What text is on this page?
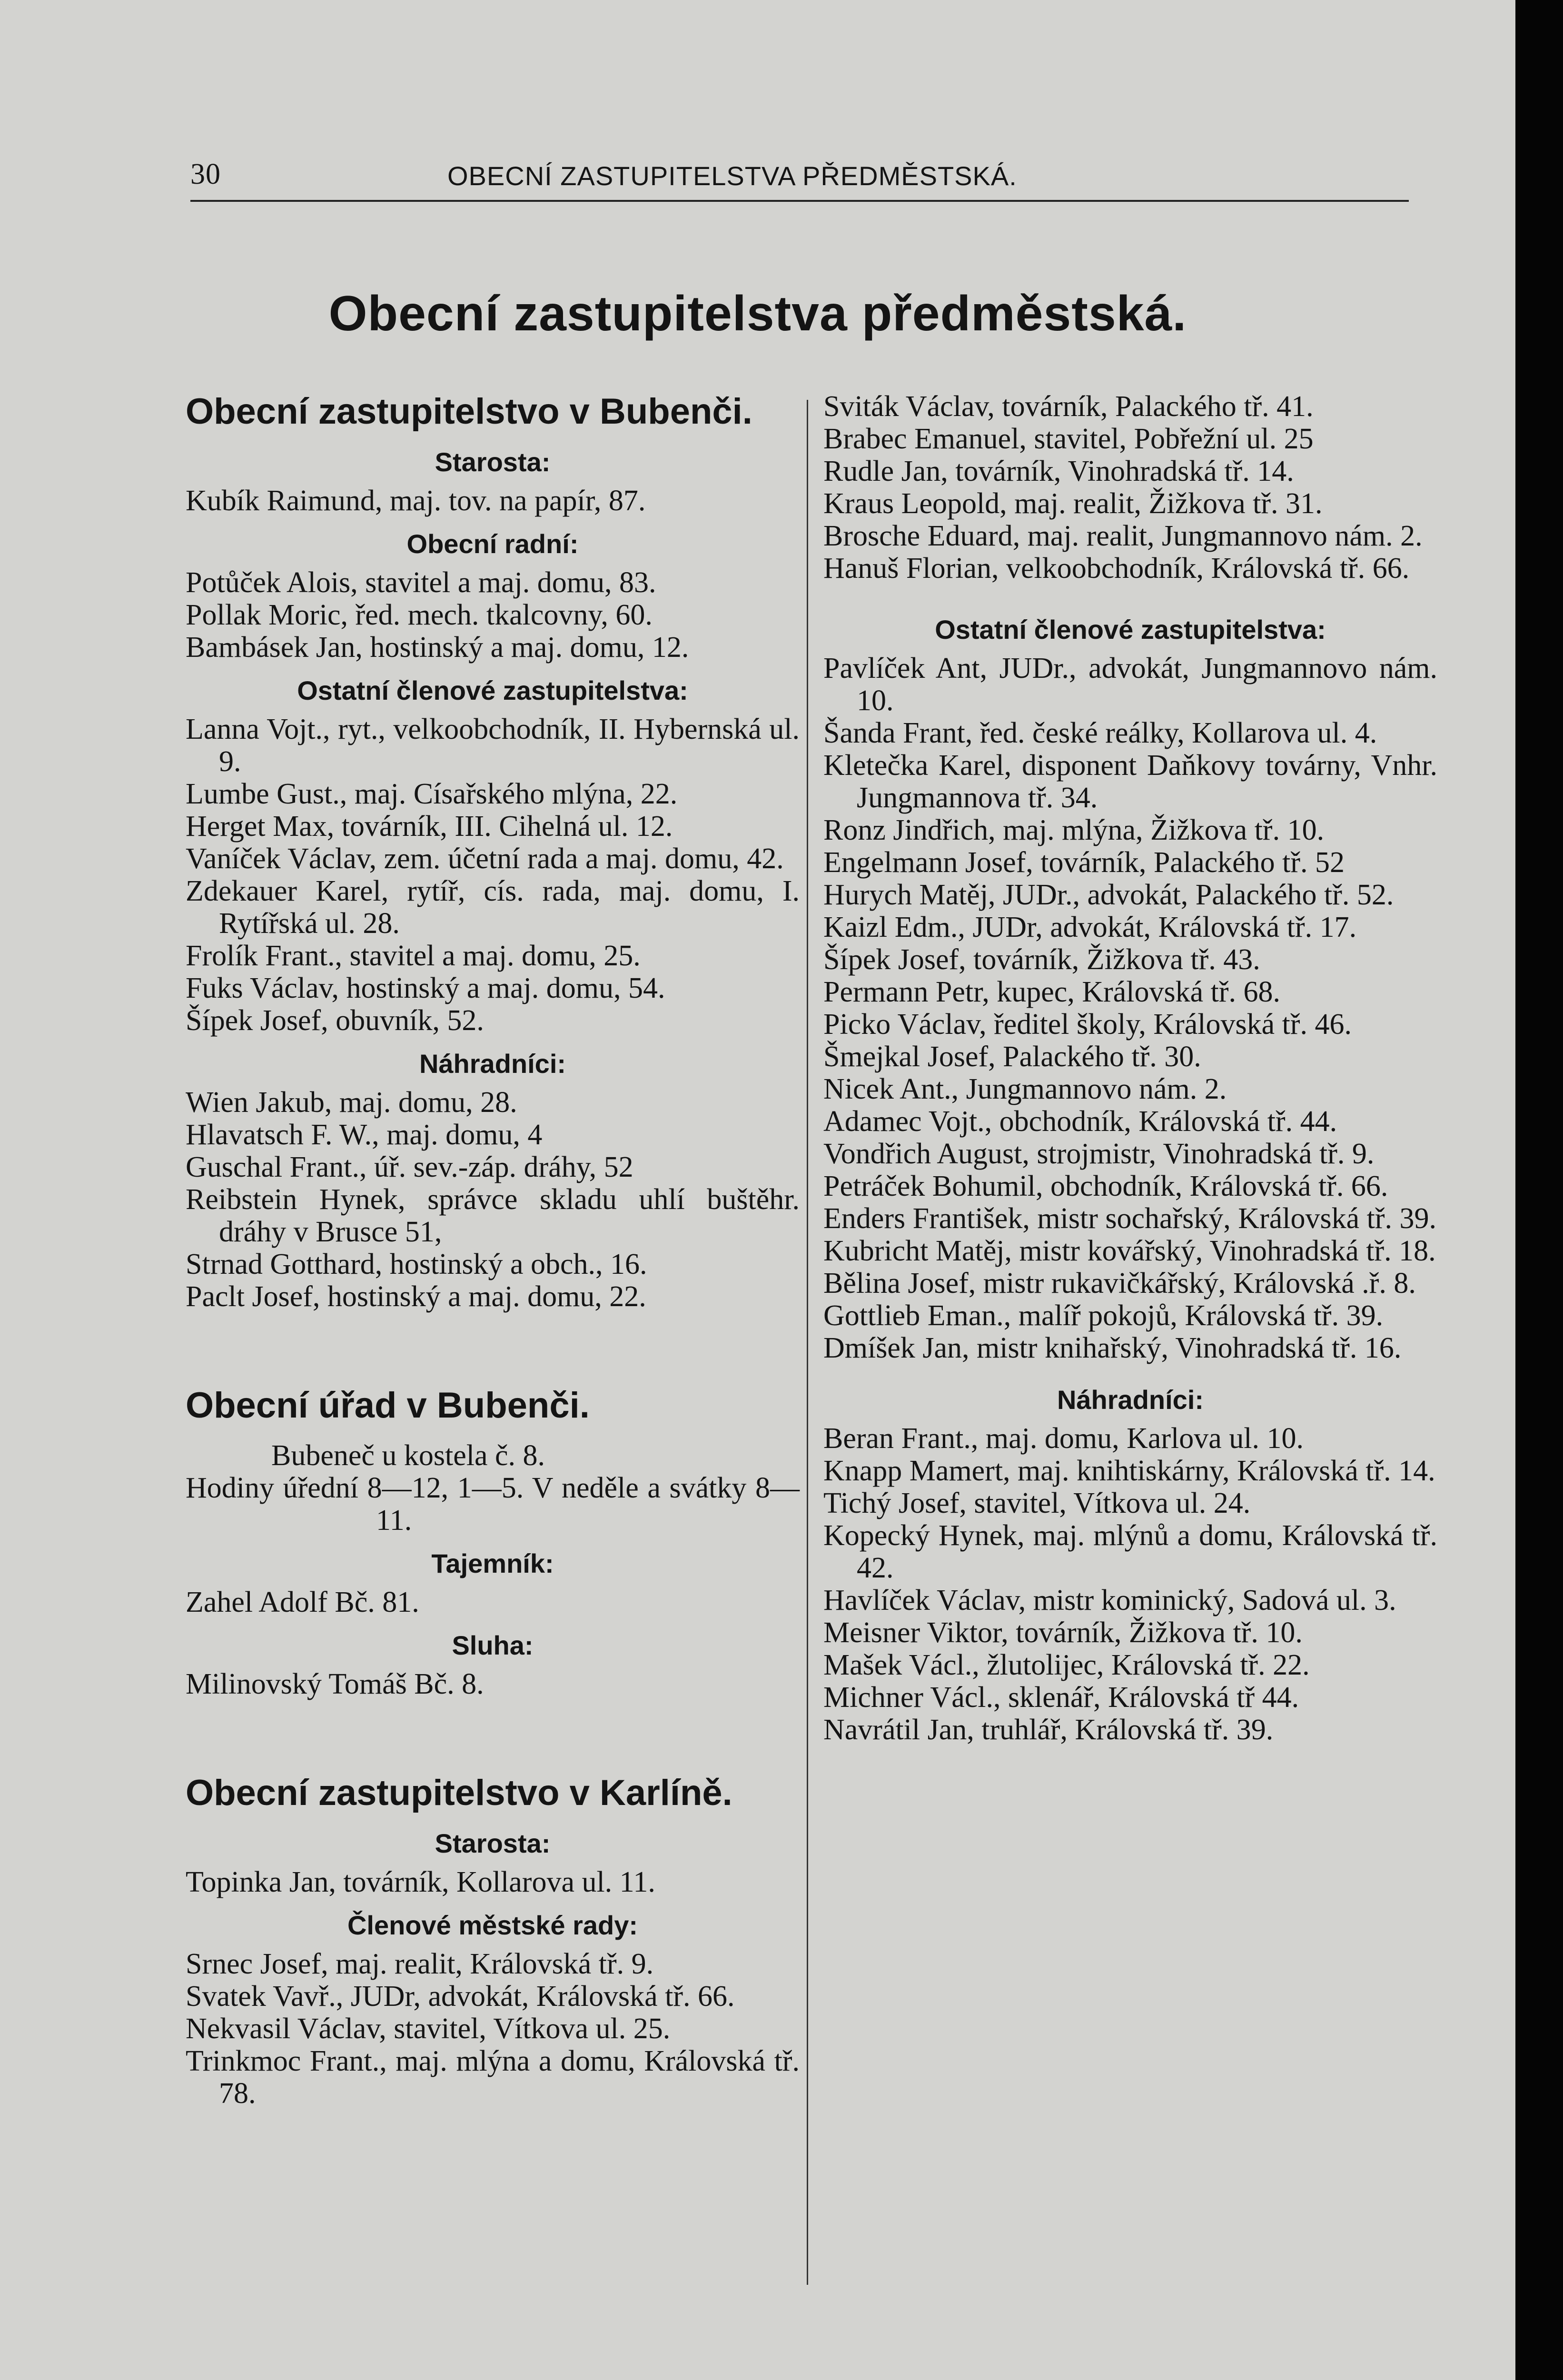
30	OBECNÍ ZASTUPITELSTVA PŘEDMĚSTSKÁ.
Obecní zastupitelstva předměstská.
Obecní zastupitelstvo v Bubenči.
Starosta:
Kubík Raimund, maj. tov. na papír, 87.
Obecní radní:
Potůček Alois, stavitel a maj. domu, 83.
Pollak Moric, řed. mech. tkalcovny, 60.
Bambásek Jan, hostinský a maj. domu, 12.
Ostatní členové zastupitelstva:
Lanna Vojt., ryt., velkoobchodník, II. Hybernská ul. 9.
Lumbe Gust., maj. Císařského mlýna, 22.
Herget Max, továrník, III. Cihelná ul. 12.
Vaníček Václav, zem. účetní rada a maj. domu, 42.
Zdekauer Karel, rytíř, cís. rada, maj. domu, I. Rytířská ul. 28.
Frolík Frant., stavitel a maj. domu, 25.
Fuks Václav, hostinský a maj. domu, 54.
Šípek Josef, obuvník, 52.
Náhradníci:
Wien Jakub, maj. domu, 28.
Hlavatsch F. W., maj. domu, 4
Guschal Frant., úř. sev.-záp. dráhy, 52
Reibstein Hynek, správce skladu uhlí buštěhr. dráhy v Brusce 51,
Strnad Gotthard, hostinský a obch., 16.
Paclt Josef, hostinský a maj. domu, 22.
Obecní úřad v Bubenči.
Bubeneč u kostela č. 8.
Hodiny úřední 8—12, 1—5. V neděle a svátky 8—11.
Tajemník:
Zahel Adolf Bč. 81.
Sluha:
Milinovský Tomáš Bč. 8.
Obecní zastupitelstvo v Karlíně.
Starosta:
Topinka Jan, továrník, Kollarova ul. 11.
Členové městské rady:
Srnec Josef, maj. realit, Královská tř. 9.
Svatek Vavř., JUDr, advokát, Královská tř. 66.
Nekvasil Václav, stavitel, Vítkova ul. 25.
Trinkmoc Frant., maj. mlýna a domu, Královská tř. 78.
Sviták Václav, továrník, Palackého tř. 41.
Brabec Emanuel, stavitel, Pobřežní ul. 25
Rudle Jan, továrník, Vinohradská tř. 14.
Kraus Leopold, maj. realit, Žižkova tř. 31.
Brosche Eduard, maj. realit, Jungmannovo nám. 2.
Hanuš Florian, velkoobchodník, Královská tř. 66.
Ostatní členové zastupitelstva:
Pavlíček Ant, JUDr., advokát, Jungmannovo nám. 10.
Šanda Frant, řed. české reálky, Kollarova ul. 4.
Kletečka Karel, disponent Daňkovy továrny, Vnhr. Jungmannova tř. 34.
Ronz Jindřich, maj. mlýna, Žižkova tř. 10.
Engelmann Josef, továrník, Palackého tř. 52
Hurych Matěj, JUDr., advokát, Palackého tř. 52.
Kaizl Edm., JUDr, advokát, Královská tř. 17.
Šípek Josef, továrník, Žižkova tř. 43.
Permann Petr, kupec, Královská tř. 68.
Picko Václav, ředitel školy, Královská tř. 46.
Šmejkal Josef, Palackého tř. 30.
Nicek Ant., Jungmannovo nám. 2.
Adamec Vojt., obchodník, Královská tř. 44.
Vondřich August, strojmistr, Vinohradská tř. 9.
Petráček Bohumil, obchodník, Královská tř. 66.
Enders František, mistr sochařský, Královská tř. 39.
Kubricht Matěj, mistr kovářský, Vinohradská tř. 18.
Bělina Josef, mistr rukavičkářský, Královská .ř. 8.
Gottlieb Eman., malíř pokojů, Královská tř. 39.
Dmíšek Jan, mistr knihařský, Vinohradská tř. 16.
Náhradníci:
Beran Frant., maj. domu, Karlova ul. 10.
Knapp Mamert, maj. knihtiskárny, Královská tř. 14.
Tichý Josef, stavitel, Vítkova ul. 24.
Kopecký Hynek, maj. mlýnů a domu, Královská tř. 42.
Havlíček Václav, mistr kominický, Sadová ul. 3.
Meisner Viktor, továrník, Žižkova tř. 10.
Mašek Václ., žlutolijec, Královská tř. 22.
Michner Václ., sklenář, Královská tř 44.
Navrátil Jan, truhlář, Královská tř. 39.
